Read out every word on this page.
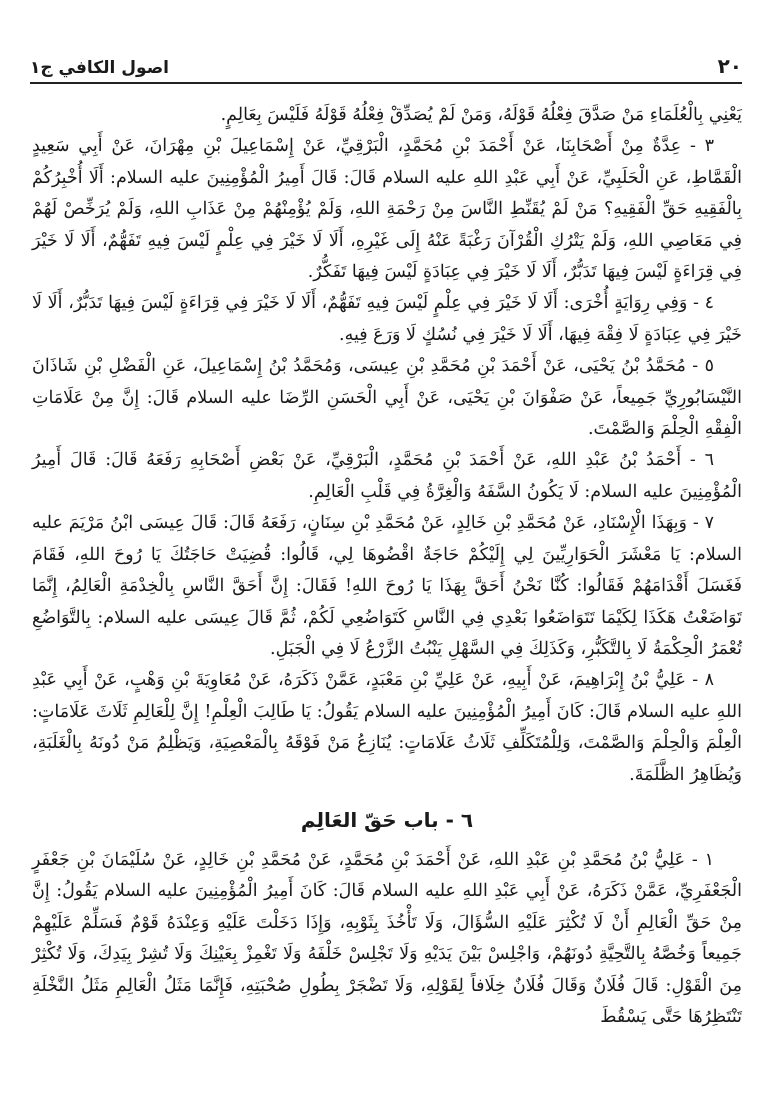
٢٠
اصول الكافي ج١

يَعْنِي بِالْعُلَمَاءِ مَنْ صَدَّقَ فِعْلُهُ قَوْلَهُ، وَمَنْ لَمْ يُصَدِّقْ فِعْلُهُ قَوْلَهُ فَلَيْسَ بِعَالِمٍ.

٣ - عِدَّةٌ مِنْ أَصْحَابِنَا، عَنْ أَحْمَدَ بْنِ مُحَمَّدٍ، الْبَرْقِيِّ، عَنْ إِسْمَاعِيلَ بْنِ مِهْرَانَ، عَنْ أَبِي سَعِيدٍ الْقَمَّاطِ، عَنِ الْحَلَبِيِّ، عَنْ أَبِي عَبْدِ اللهِ عليه السلام قَالَ: قَالَ أَمِيرُ الْمُؤْمِنِينَ عليه السلام: أَلَا أُخْبِرُكُمْ بِالْفَقِيهِ حَقِّ الْفَقِيهِ؟ مَنْ لَمْ يُقَنِّطِ النَّاسَ مِنْ رَحْمَةِ اللهِ، وَلَمْ يُؤْمِنْهُمْ مِنْ عَذَابِ اللهِ، وَلَمْ يُرَخِّصْ لَهُمْ فِي مَعَاصِي اللهِ، وَلَمْ يَتْرُكِ الْقُرْآنَ رَغْبَةً عَنْهُ إِلَى غَيْرِهِ، أَلَا لَا خَيْرَ فِي عِلْمٍ لَيْسَ فِيهِ تَفَهُّمٌ، أَلَا لَا خَيْرَ فِي قِرَاءَةٍ لَيْسَ فِيهَا تَدَبُّرٌ، أَلَا لَا خَيْرَ فِي عِبَادَةٍ لَيْسَ فِيهَا تَفَكُّرٌ.

٤ - وَفِي رِوَايَةٍ أُخْرَى: أَلَا لَا خَيْرَ فِي عِلْمٍ لَيْسَ فِيهِ تَفَهُّمٌ، أَلَا لَا خَيْرَ فِي قِرَاءَةٍ لَيْسَ فِيهَا تَدَبُّرٌ، أَلَا لَا خَيْرَ فِي عِبَادَةٍ لَا فِقْهَ فِيهَا، أَلَا لَا خَيْرَ فِي نُسُكٍ لَا وَرَعَ فِيهِ.

٥ - مُحَمَّدُ بْنُ يَحْيَى، عَنْ أَحْمَدَ بْنِ مُحَمَّدِ بْنِ عِيسَى، وَمُحَمَّدُ بْنُ إِسْمَاعِيلَ، عَنِ الْفَضْلِ بْنِ شَاذَانَ النَّيْسَابُورِيِّ جَمِيعاً، عَنْ صَفْوَانَ بْنِ يَحْيَى، عَنْ أَبِي الْحَسَنِ الرِّضَا عليه السلام قَالَ: إِنَّ مِنْ عَلَامَاتِ الْفِقْهِ الْحِلْمَ وَالصَّمْتَ.

٦ - أَحْمَدُ بْنُ عَبْدِ اللهِ، عَنْ أَحْمَدَ بْنِ مُحَمَّدٍ، الْبَرْقِيِّ، عَنْ بَعْضِ أَصْحَابِهِ رَفَعَهُ قَالَ: قَالَ أَمِيرُ الْمُؤْمِنِينَ عليه السلام: لَا يَكُونُ السَّفَهُ وَالْغِرَّةُ فِي قَلْبِ الْعَالِمِ.

٧ - وَبِهَذَا الْإِسْنَادِ، عَنْ مُحَمَّدِ بْنِ خَالِدٍ، عَنْ مُحَمَّدِ بْنِ سِنَانٍ، رَفَعَهُ قَالَ: قَالَ عِيسَى ابْنُ مَرْيَمَ عليه السلام: يَا مَعْشَرَ الْحَوَارِيِّينَ لِي إِلَيْكُمْ حَاجَةٌ اقْضُوهَا لِي، قَالُوا: قُضِيَتْ حَاجَتُكَ يَا رُوحَ اللهِ، فَقَامَ فَغَسَلَ أَقْدَامَهُمْ فَقَالُوا: كُنَّا نَحْنُ أَحَقَّ بِهَذَا يَا رُوحَ اللهِ! فَقَالَ: إِنَّ أَحَقَّ النَّاسِ بِالْخِدْمَةِ الْعَالِمُ، إِنَّمَا تَوَاضَعْتُ هَكَذَا لِكَيْمَا تَتَوَاضَعُوا بَعْدِي فِي النَّاسِ كَتَوَاضُعِي لَكُمْ، ثُمَّ قَالَ عِيسَى عليه السلام: بِالتَّوَاضُعِ تُعْمَرُ الْحِكْمَةُ لَا بِالتَّكَبُّرِ، وَكَذَلِكَ فِي السَّهْلِ يَنْبُتُ الزَّرْعُ لَا فِي الْجَبَلِ.

٨ - عَلِيُّ بْنُ إِبْرَاهِيمَ، عَنْ أَبِيهِ، عَنْ عَلِيِّ بْنِ مَعْبَدٍ، عَمَّنْ ذَكَرَهُ، عَنْ مُعَاوِيَةَ بْنِ وَهْبٍ، عَنْ أَبِي عَبْدِ اللهِ عليه السلام قَالَ: كَانَ أَمِيرُ الْمُؤْمِنِينَ عليه السلام يَقُولُ: يَا طَالِبَ الْعِلْمِ! إِنَّ لِلْعَالِمِ ثَلَاثَ عَلَامَاتٍ: الْعِلْمَ وَالْحِلْمَ وَالصَّمْتَ، وَلِلْمُتَكَلِّفِ ثَلَاثُ عَلَامَاتٍ: يُنَازِعُ مَنْ فَوْقَهُ بِالْمَعْصِيَةِ، وَيَظْلِمُ مَنْ دُونَهُ بِالْغَلَبَةِ، وَيُظَاهِرُ الظَّلَمَةَ.

٦ - باب حَقّ العَالِم

١ - عَلِيُّ بْنُ مُحَمَّدِ بْنِ عَبْدِ اللهِ، عَنْ أَحْمَدَ بْنِ مُحَمَّدٍ، عَنْ مُحَمَّدِ بْنِ خَالِدٍ، عَنْ سُلَيْمَانَ بْنِ جَعْفَرٍ الْجَعْفَرِيِّ، عَمَّنْ ذَكَرَهُ، عَنْ أَبِي عَبْدِ اللهِ عليه السلام قَالَ: كَانَ أَمِيرُ الْمُؤْمِنِينَ عليه السلام يَقُولُ: إِنَّ مِنْ حَقِّ الْعَالِمِ أَنْ لَا تُكْثِرَ عَلَيْهِ السُّؤَالَ، وَلَا تَأْخُذَ بِثَوْبِهِ، وَإِذَا دَخَلْتَ عَلَيْهِ وَعِنْدَهُ قَوْمٌ فَسَلِّمْ عَلَيْهِمْ جَمِيعاً وَخُصَّهُ بِالتَّحِيَّةِ دُونَهُمْ، وَاجْلِسْ بَيْنَ يَدَيْهِ وَلَا تَجْلِسْ خَلْفَهُ وَلَا تَغْمِزْ بِعَيْنِكَ وَلَا تُشِرْ بِيَدِكَ، وَلَا تُكْثِرْ مِنَ الْقَوْلِ: قَالَ فُلَانٌ وَقَالَ فُلَانٌ خِلَافاً لِقَوْلِهِ، وَلَا تَضْجَرْ بِطُولِ صُحْبَتِهِ، فَإِنَّمَا مَثَلُ الْعَالِمِ مَثَلُ النَّخْلَةِ تَنْتَظِرُهَا حَتَّى يَسْقُطَ
